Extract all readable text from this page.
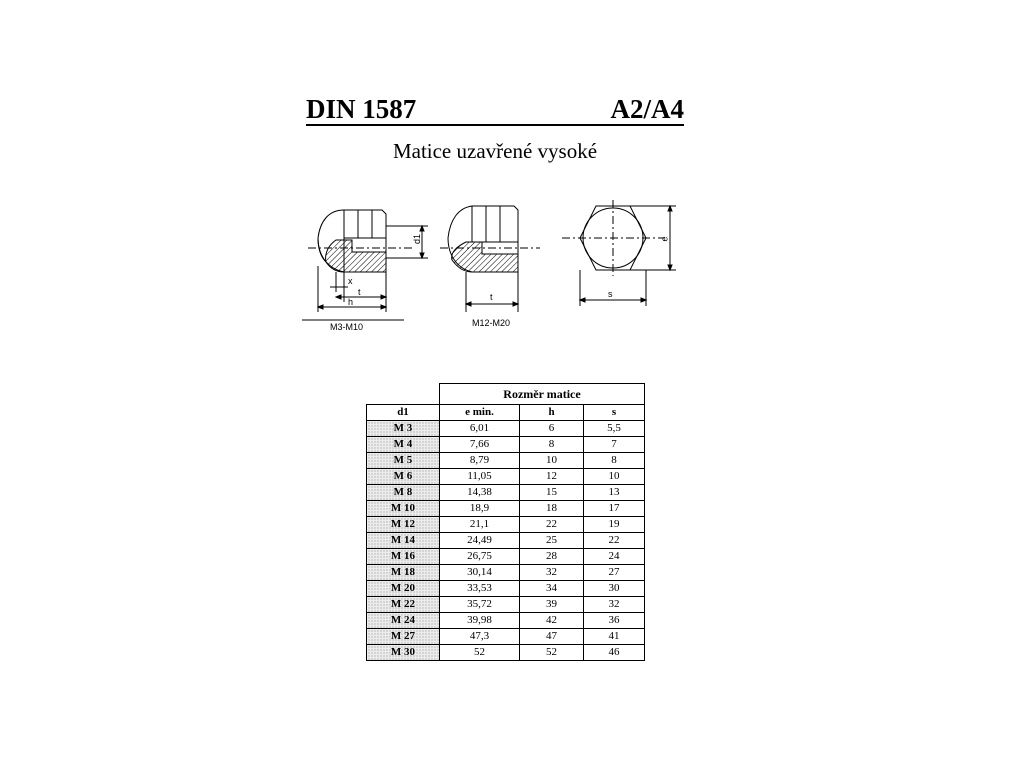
DIN 1587	A2/A4
Matice uzavřené vysoké
d1
x
t
h
M3-M10
t
M12-M20
e
s
	Rozměr matice		
d1	e min.	h	s
M 3	6,01	6	5,5
M 4	7,66	8	7
M 5	8,79	10	8
M 6	11,05	12	10
M 8	14,38	15	13
M 10	18,9	18	17
M 12	21,1	22	19
M 14	24,49	25	22
M 16	26,75	28	24
M 18	30,14	32	27
M 20	33,53	34	30
M 22	35,72	39	32
M 24	39,98	42	36
M 27	47,3	47	41
M 30	52	52	46
